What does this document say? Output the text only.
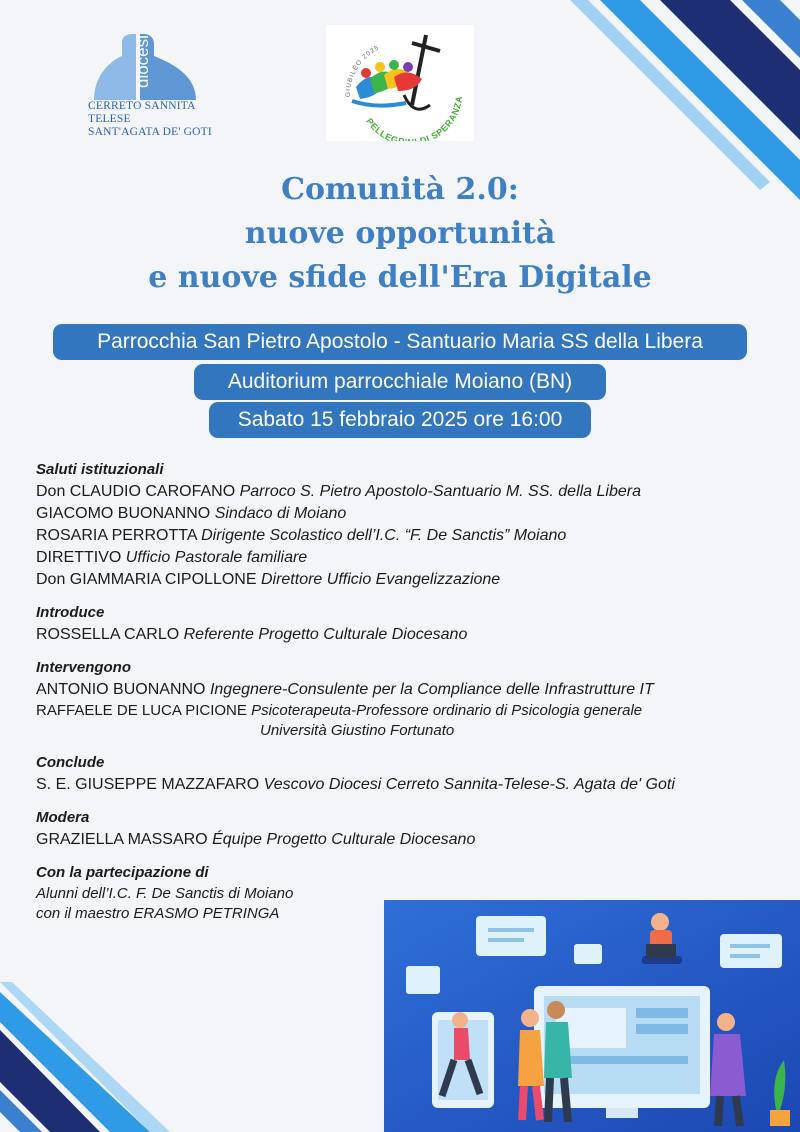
diocesi
CERRETO SANNITA
TELESE
SANT'AGATA DE' GOTI
GIUBILEO 2025
PELLEG DI SPERANZA
Comunità 2.0:
nuove opportunità
e nuove sfide dell'Era Digitale
Parrocchia San Pietro Apostolo - Santuario Maria SS della Libera
Auditorium parrocchiale Moiano (BN)
Sabato 15 febbraio 2025 ore 16:00
Saluti istituzionali
Don CLAUDIO CAROFANO Parroco S. Pietro Apostolo-Santuario M. SS. della Libera
GIACOMO BUONANNO Sindaco di Moiano
ROSARIA PERROTTA Dirigente Scolastico dell’I.C. “F. De Sanctis” Moiano
DIRETTIVO Ufficio Pastorale familiare
Don GIAMMARIA CIPOLLONE Direttore Ufficio Evangelizzazione
Introduce
ROSSELLA CARLO Referente Progetto Culturale Diocesano
Intervengono
ANTONIO BUONANNO Ingegnere-Consulente per la Compliance delle Infrastrutture IT
RAFFAELE DE LUCA PICIONE Psicoterapeuta-Professore ordinario di Psicologia generale
Università Giustino Fortunato
Conclude
S. E. GIUSEPPE MAZZAFARO Vescovo Diocesi Cerreto Sannita-Telese-S. Agata de' Goti
Modera
GRAZIELLA MASSARO Équipe Progetto Culturale Diocesano
Con la partecipazione di
Alunni dell’I.C. F. De Sanctis di Moiano
con il maestro ERASMO PETRINGA
